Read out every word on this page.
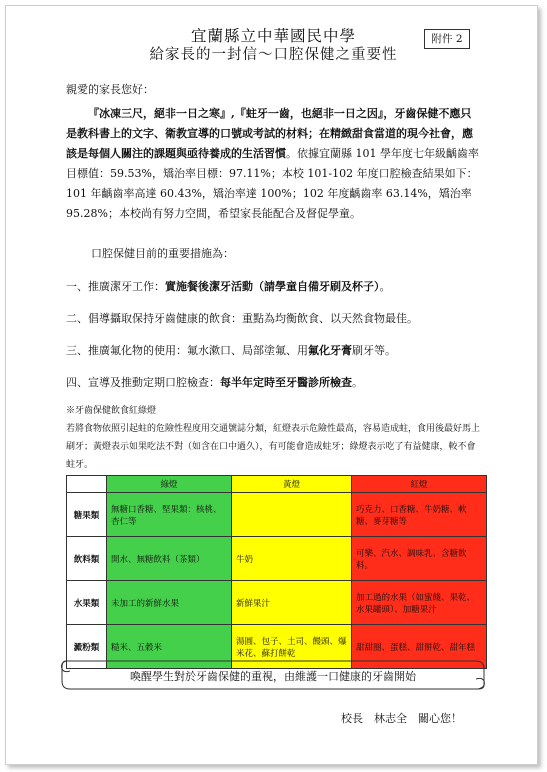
宜蘭縣立中華國民中學
給家長的一封信～口腔保健之重要性
附件 2
親愛的家長您好：
『冰凍三尺，絕非一日之寒』,『蛀牙一齒，也絕非一日之因』，牙齒保健不應只是教科書上的文字、衛教宣導的口號或考試的材料；在精緻甜食當道的現今社會，應該是每個人關注的課題與亟待養成的生活習慣。依據宜蘭縣 101 學年度七年級齲齒率目標值：59.53%，矯治率目標：97.11%；本校 101-102 年度口腔檢查結果如下：101 年齲齒率高達 60.43%，矯治率達 100%；102 年度齲齒率 63.14%，矯治率 95.28%；本校尚有努力空間，希望家長能配合及督促學童。
口腔保健目前的重要措施為：
一、推廣潔牙工作：實施餐後潔牙活動（請學童自備牙刷及杯子）。
二、倡導攝取保持牙齒健康的飲食：重點為均衡飲食、以天然食物最佳。
三、推廣氟化物的使用：氟水漱口、局部塗氟、用氟化牙膏刷牙等。
四、宣導及推動定期口腔檢查：每半年定時至牙醫診所檢查。
※牙齒保健飲食紅綠燈
若將食物依照引起蛀的危險性程度用交通號誌分類，紅燈表示危險性最高，容易造成蛀，食用後最好馬上刷牙；黃燈表示如果吃法不對（如含在口中過久），有可能會造成蛀牙；綠燈表示吃了有益健康，較不會蛀牙。
	綠燈	黃燈	紅燈
糖果類	無糖口香糖、堅果類：核桃、杏仁等		巧克力、口香糖、牛奶糖、軟糖、麥芽糖等
飲料類	開水、無糖飲料（茶類）	牛奶	可樂、汽水、調味乳、含糖飲料。
水果類	未加工的新鮮水果	新鮮果汁	加工過的水果（如蜜餞、果乾、水果罐頭）、加糖果汁
澱粉類	糙米、五穀米	湯圓、包子、土司、饅頭、爆米花、蘇打餅乾	甜甜圈、蛋糕、甜餅乾、甜年糕
喚醒學生對於牙齒保健的重視，由維護一口健康的牙齒開始
校長　林志全　關心您！
